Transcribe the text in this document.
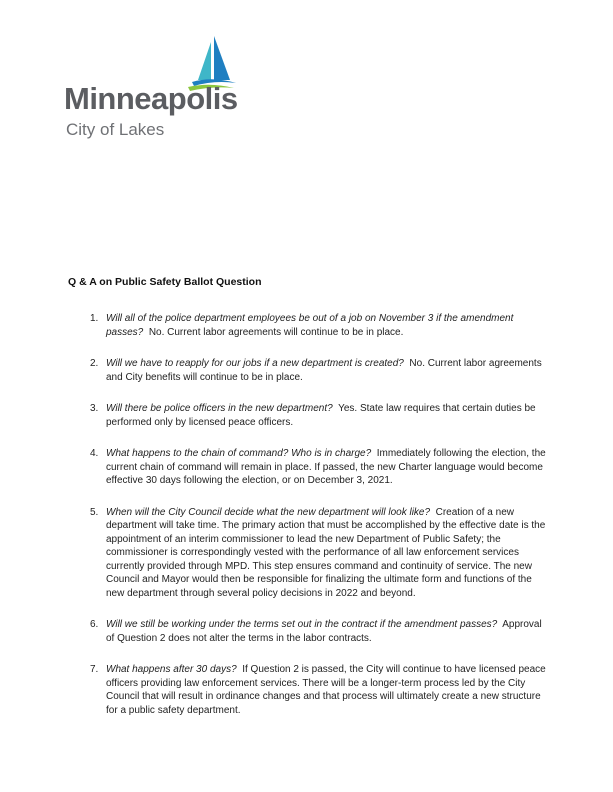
Minneapolis
City of Lakes
Q & A on Public Safety Ballot Question
1. Will all of the police department employees be out of a job on November 3 if the amendment passes? No. Current labor agreements will continue to be in place.
2. Will we have to reapply for our jobs if a new department is created? No. Current labor agreements and City benefits will continue to be in place.
3. Will there be police officers in the new department? Yes. State law requires that certain duties be performed only by licensed peace officers.
4. What happens to the chain of command? Who is in charge? Immediately following the election, the current chain of command will remain in place. If passed, the new Charter language would become effective 30 days following the election, or on December 3, 2021.
5. When will the City Council decide what the new department will look like? Creation of a new department will take time. The primary action that must be accomplished by the effective date is the appointment of an interim commissioner to lead the new Department of Public Safety; the commissioner is correspondingly vested with the performance of all law enforcement services currently provided through MPD. This step ensures command and continuity of service. The new Council and Mayor would then be responsible for finalizing the ultimate form and functions of the new department through several policy decisions in 2022 and beyond.
6. Will we still be working under the terms set out in the contract if the amendment passes? Approval of Question 2 does not alter the terms in the labor contracts.
7. What happens after 30 days? If Question 2 is passed, the City will continue to have licensed peace officers providing law enforcement services. There will be a longer-term process led by the City Council that will result in ordinance changes and that process will ultimately create a new structure for a public safety department.
